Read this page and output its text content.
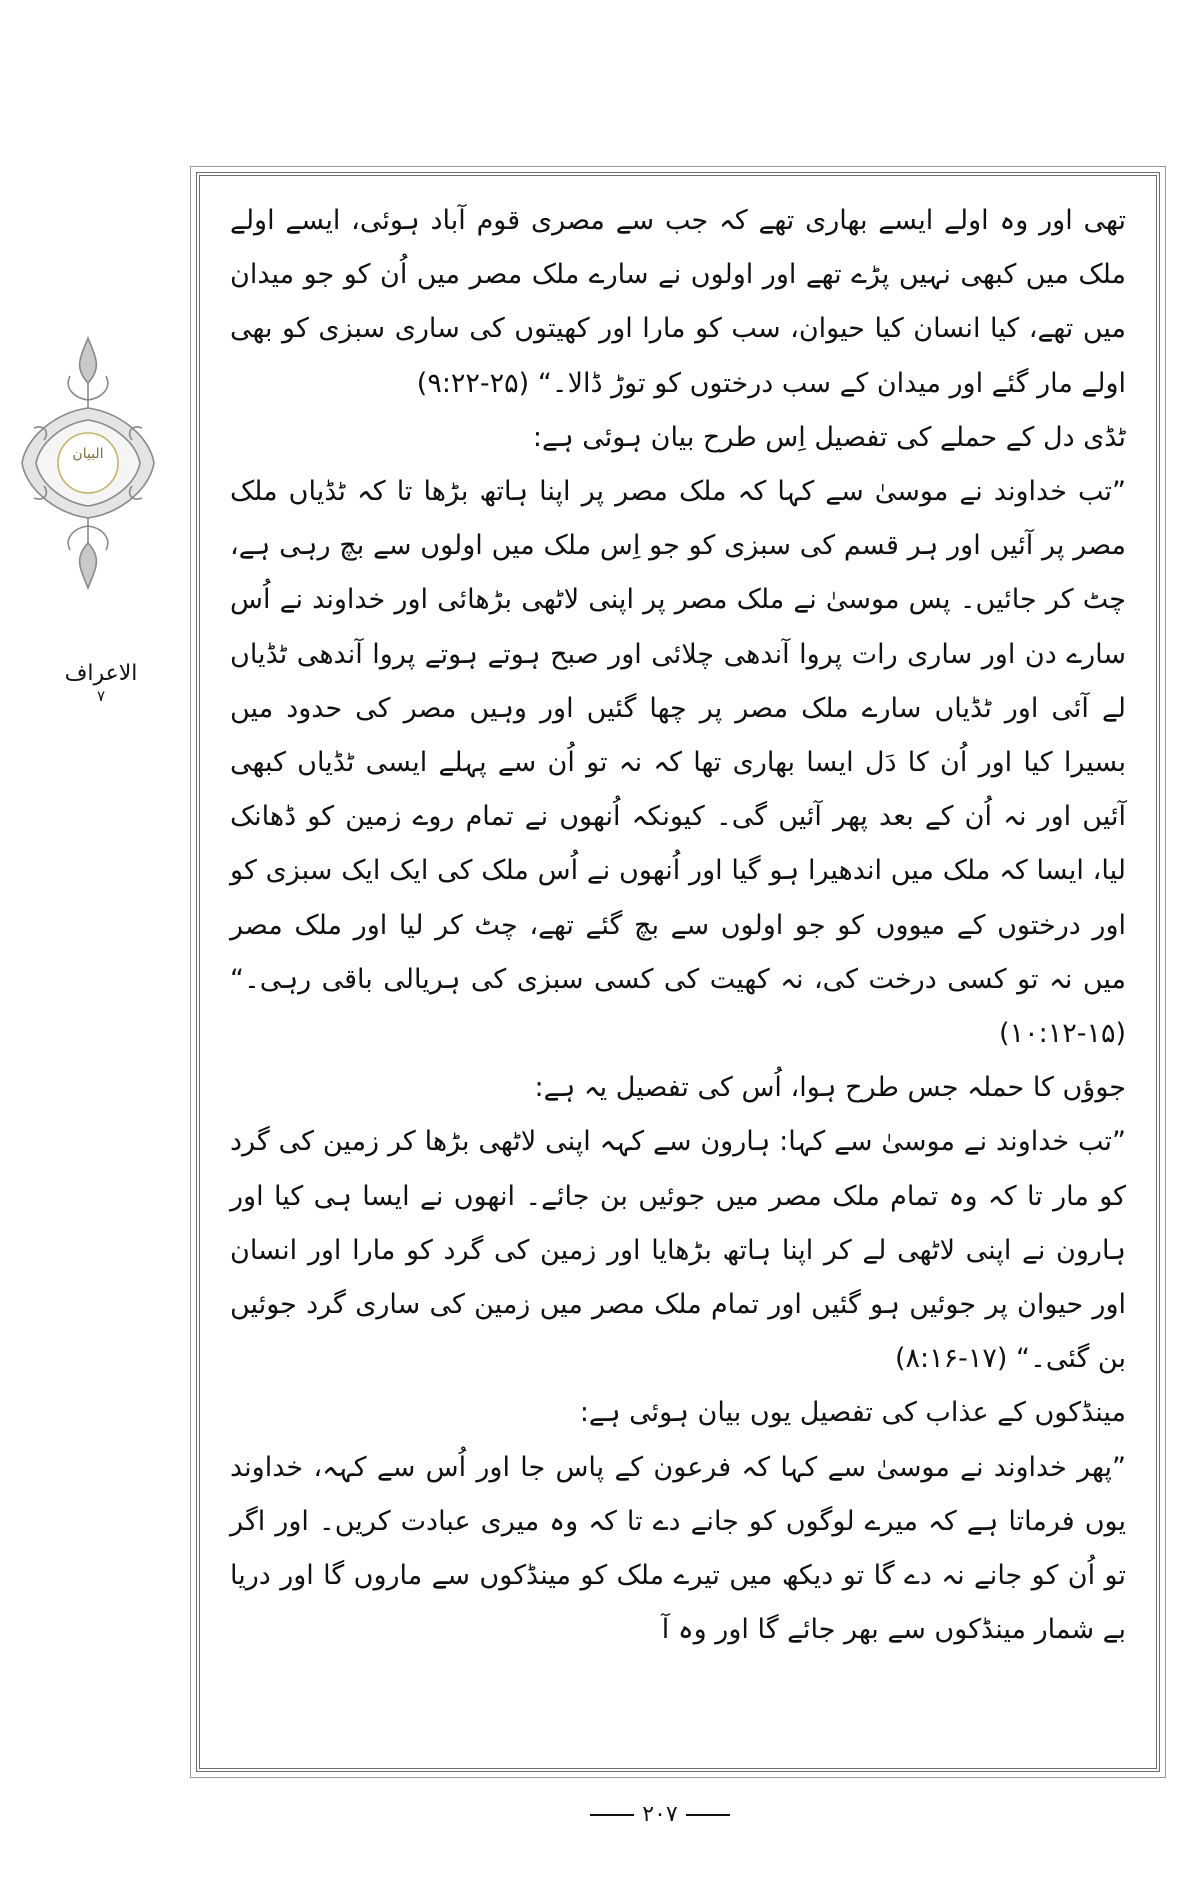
البیان
الاعراف
۷

تھی اور وہ اولے ایسے بھاری تھے کہ جب سے مصری قوم آباد ہوئی، ایسے اولے ملک میں کبھی نہیں پڑے تھے اور اولوں نے سارے ملک مصر میں اُن کو جو میدان میں تھے، کیا انسان کیا حیوان، سب کو مارا اور کھیتوں کی ساری سبزی کو بھی اولے مار گئے اور میدان کے سب درختوں کو توڑ ڈالا۔“ (۹:۲۲-۲۵)

ٹڈی دل کے حملے کی تفصیل اِس طرح بیان ہوئی ہے:

”تب خداوند نے موسیٰ سے کہا کہ ملک مصر پر اپنا ہاتھ بڑھا تا کہ ٹڈیاں ملک مصر پر آئیں اور ہر قسم کی سبزی کو جو اِس ملک میں اولوں سے بچ رہی ہے، چٹ کر جائیں۔ پس موسیٰ نے ملک مصر پر اپنی لاٹھی بڑھائی اور خداوند نے اُس سارے دن اور ساری رات پروا آندھی چلائی اور صبح ہوتے ہوتے پروا آندھی ٹڈیاں لے آئی اور ٹڈیاں سارے ملک مصر پر چھا گئیں اور وہیں مصر کی حدود میں بسیرا کیا اور اُن کا دَل ایسا بھاری تھا کہ نہ تو اُن سے پہلے ایسی ٹڈیاں کبھی آئیں اور نہ اُن کے بعد پھر آئیں گی۔ کیونکہ اُنھوں نے تمام روے زمین کو ڈھانک لیا، ایسا کہ ملک میں اندھیرا ہو گیا اور اُنھوں نے اُس ملک کی ایک ایک سبزی کو اور درختوں کے میووں کو جو اولوں سے بچ گئے تھے، چٹ کر لیا اور ملک مصر میں نہ تو کسی درخت کی، نہ کھیت کی کسی سبزی کی ہریالی باقی رہی۔“ (۱۰:۱۲-۱۵)

جوؤں کا حملہ جس طرح ہوا، اُس کی تفصیل یہ ہے:

”تب خداوند نے موسیٰ سے کہا: ہارون سے کہہ اپنی لاٹھی بڑھا کر زمین کی گرد کو مار تا کہ وہ تمام ملک مصر میں جوئیں بن جائے۔ انھوں نے ایسا ہی کیا اور ہارون نے اپنی لاٹھی لے کر اپنا ہاتھ بڑھایا اور زمین کی گرد کو مارا اور انسان اور حیوان پر جوئیں ہو گئیں اور تمام ملک مصر میں زمین کی ساری گرد جوئیں بن گئی۔“ (۸:۱۶-۱۷)

مینڈکوں کے عذاب کی تفصیل یوں بیان ہوئی ہے:

”پھر خداوند نے موسیٰ سے کہا کہ فرعون کے پاس جا اور اُس سے کہہ، خداوند یوں فرماتا ہے کہ میرے لوگوں کو جانے دے تا کہ وہ میری عبادت کریں۔ اور اگر تو اُن کو جانے نہ دے گا تو دیکھ میں تیرے ملک کو مینڈکوں سے ماروں گا اور دریا بے شمار مینڈکوں سے بھر جائے گا اور وہ آ

۲۰۷
